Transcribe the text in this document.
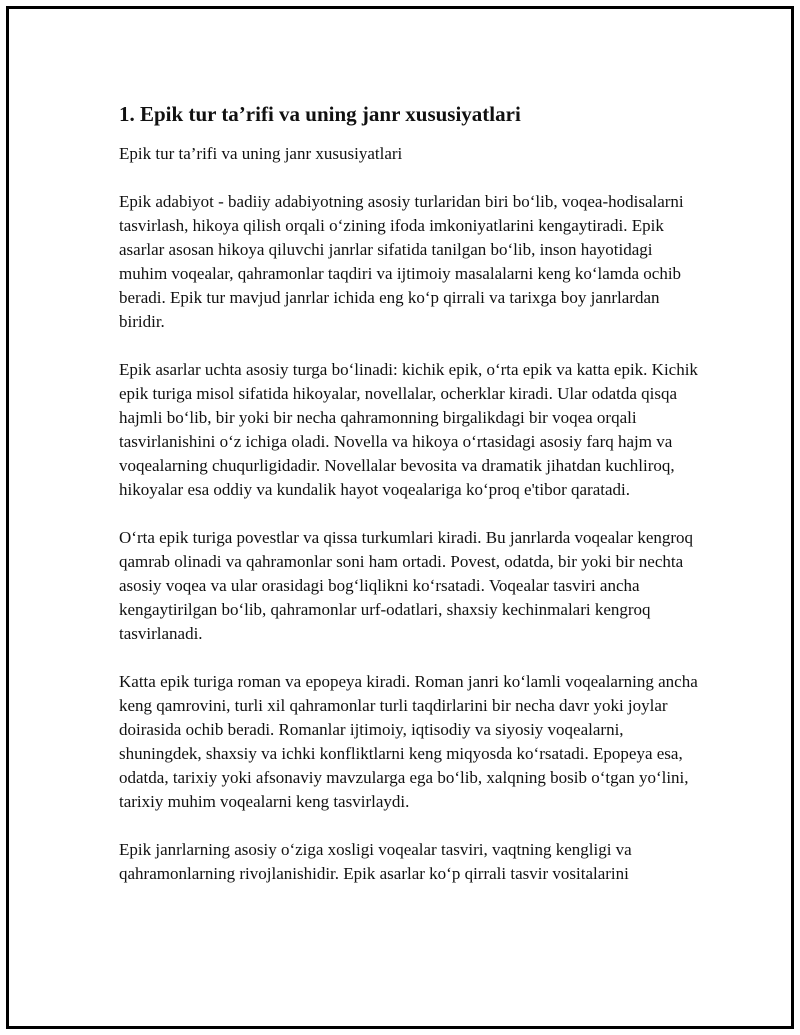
1. Epik tur ta’rifi va uning janr xususiyatlari

Epik tur ta’rifi va uning janr xususiyatlari

Epik adabiyot - badiiy adabiyotning asosiy turlaridan biri bo‘lib, voqea-hodisalarni tasvirlash, hikoya qilish orqali o‘zining ifoda imkoniyatlarini kengaytiradi. Epik asarlar asosan hikoya qiluvchi janrlar sifatida tanilgan bo‘lib, inson hayotidagi muhim voqealar, qahramonlar taqdiri va ijtimoiy masalalarni keng ko‘lamda ochib beradi. Epik tur mavjud janrlar ichida eng ko‘p qirrali va tarixga boy janrlardan biridir.

Epik asarlar uchta asosiy turga bo‘linadi: kichik epik, o‘rta epik va katta epik. Kichik epik turiga misol sifatida hikoyalar, novellalar, ocherklar kiradi. Ular odatda qisqa hajmli bo‘lib, bir yoki bir necha qahramonning birgalikdagi bir voqea orqali tasvirlanishini o‘z ichiga oladi. Novella va hikoya o‘rtasidagi asosiy farq hajm va voqealarning chuqurligidadir. Novellalar bevosita va dramatik jihatdan kuchliroq, hikoyalar esa oddiy va kundalik hayot voqealariga ko‘proq e'tibor qaratadi.

O‘rta epik turiga povestlar va qissa turkumlari kiradi. Bu janrlarda voqealar kengroq qamrab olinadi va qahramonlar soni ham ortadi. Povest, odatda, bir yoki bir nechta asosiy voqea va ular orasidagi bog‘liqlikni ko‘rsatadi. Voqealar tasviri ancha kengaytirilgan bo‘lib, qahramonlar urf-odatlari, shaxsiy kechinmalari kengroq tasvirlanadi.

Katta epik turiga roman va epopeya kiradi. Roman janri ko‘lamli voqealarning ancha keng qamrovini, turli xil qahramonlar turli taqdirlarini bir necha davr yoki joylar doirasida ochib beradi. Romanlar ijtimoiy, iqtisodiy va siyosiy voqealarni, shuningdek, shaxsiy va ichki konfliktlarni keng miqyosda ko‘rsatadi. Epopeya esa, odatda, tarixiy yoki afsonaviy mavzularga ega bo‘lib, xalqning bosib o‘tgan yo‘lini, tarixiy muhim voqealarni keng tasvirlaydi.

Epik janrlarning asosiy o‘ziga xosligi voqealar tasviri, vaqtning kengligi va qahramonlarning rivojlanishidir. Epik asarlar ko‘p qirrali tasvir vositalarini
